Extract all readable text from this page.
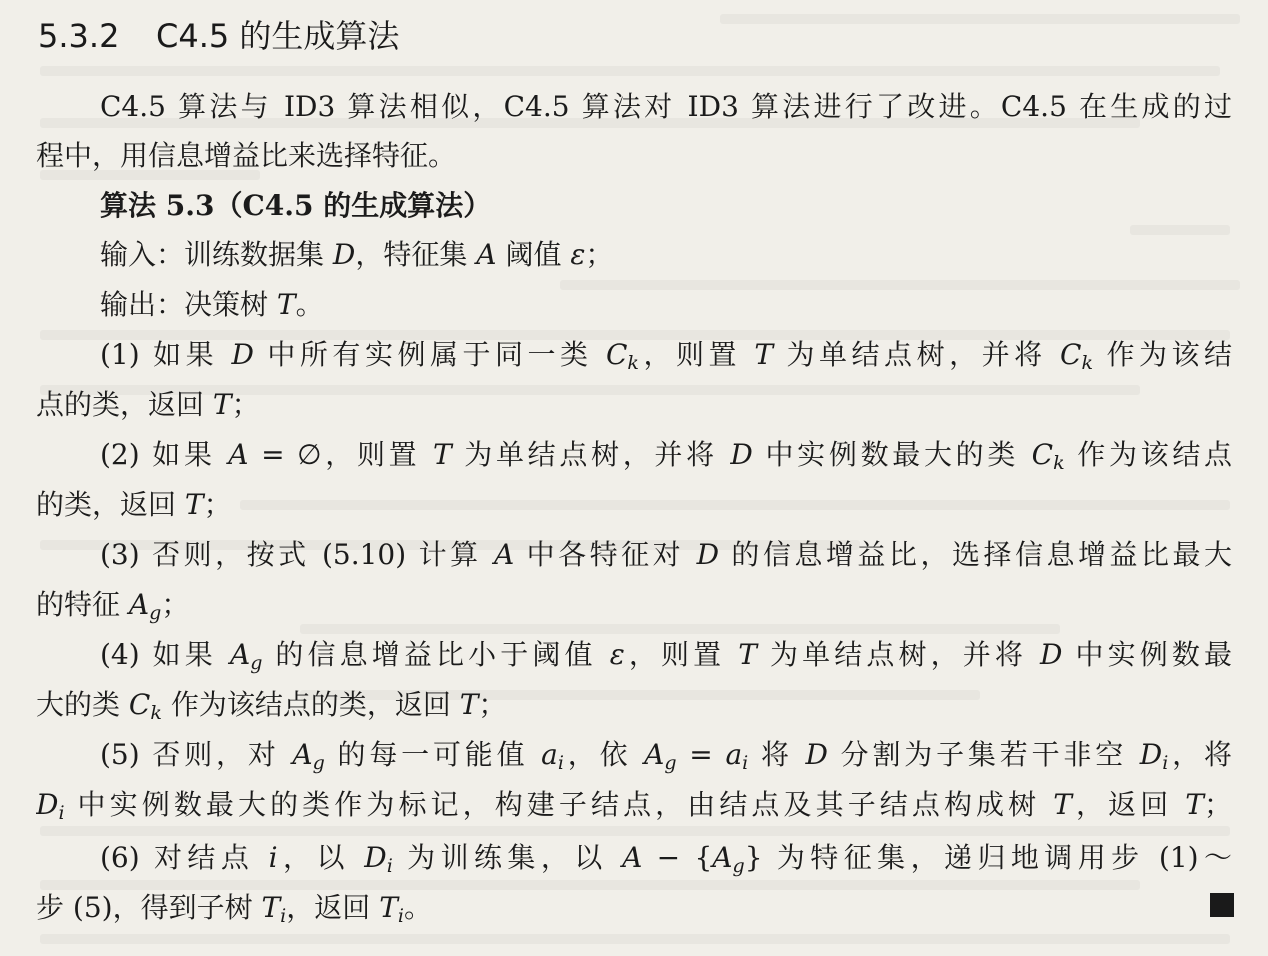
5.3.2 C4.5 的生成算法
C4.5 算法与 ID3 算法相似，C4.5 算法对 ID3 算法进行了改进。C4.5 在生成的过
程中，用信息增益比来选择特征。
算法 5.3（C4.5 的生成算法）
输入：训练数据集 D，特征集 A 阈值 ε；
输出：决策树 T。
(1) 如果 D 中所有实例属于同一类 $C_k$，则置 T 为单结点树，并将 $C_k$ 作为该结
点的类，返回 T；
(2) 如果 A = ∅，则置 T 为单结点树，并将 D 中实例数最大的类 $C_k$ 作为该结点
的类，返回 T；
(3) 否则，按式 (5.10) 计算 A 中各特征对 D 的信息增益比，选择信息增益比最大
的特征 $A_g$；
(4) 如果 $A_g$ 的信息增益比小于阈值 ε，则置 T 为单结点树，并将 D 中实例数最
大的类 $C_k$ 作为该结点的类，返回 T；
(5) 否则，对 $A_g$ 的每一可能值 $a_i$，依 $A_g = a_i$ 将 D 分割为子集若干非空 $D_i$，将
$D_i$ 中实例数最大的类作为标记，构建子结点，由结点及其子结点构成树 T，返回 T；
(6) 对结点 i，以 $D_i$ 为训练集，以 $A - \{A_g\}$ 为特征集，递归地调用步 (1)～
步 (5)，得到子树 $T_i$，返回 $T_i$。
